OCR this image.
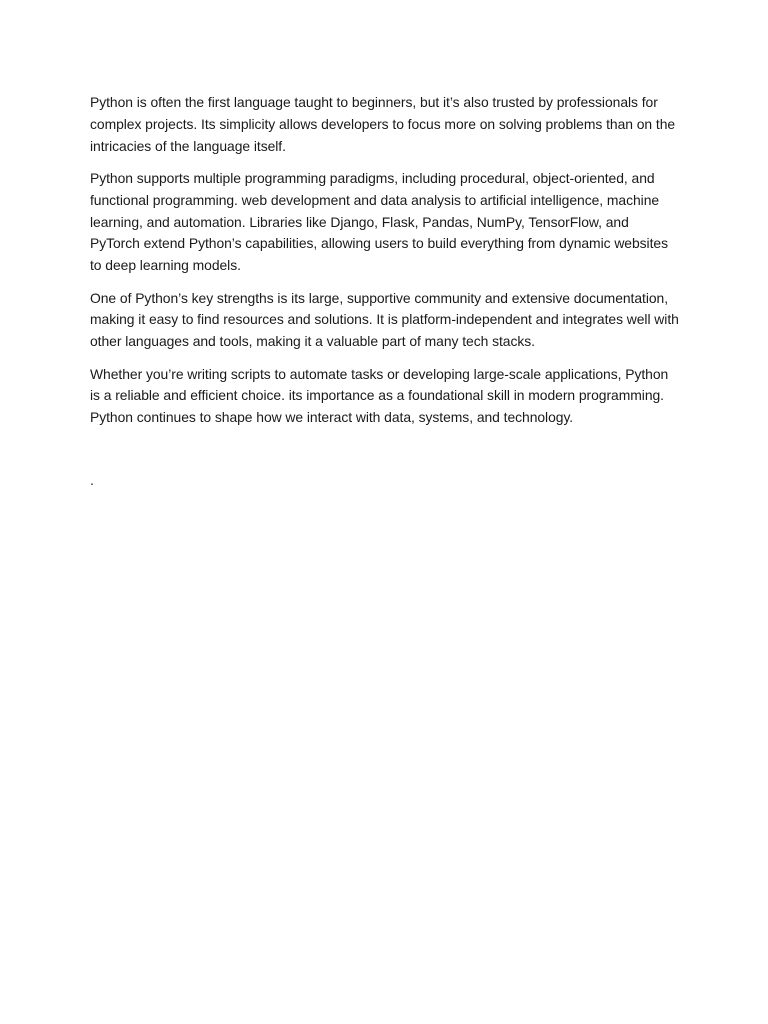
Python is often the first language taught to beginners, but it’s also trusted by professionals for complex projects. Its simplicity allows developers to focus more on solving problems than on the intricacies of the language itself.

Python supports multiple programming paradigms, including procedural, object-oriented, and functional programming. web development and data analysis to artificial intelligence, machine learning, and automation. Libraries like Django, Flask, Pandas, NumPy, TensorFlow, and PyTorch extend Python’s capabilities, allowing users to build everything from dynamic websites to deep learning models.

One of Python’s key strengths is its large, supportive community and extensive documentation, making it easy to find resources and solutions. It is platform-independent and integrates well with other languages and tools, making it a valuable part of many tech stacks.

Whether you’re writing scripts to automate tasks or developing large-scale applications, Python is a reliable and efficient choice. its importance as a foundational skill in modern programming. Python continues to shape how we interact with data, systems, and technology.

.
